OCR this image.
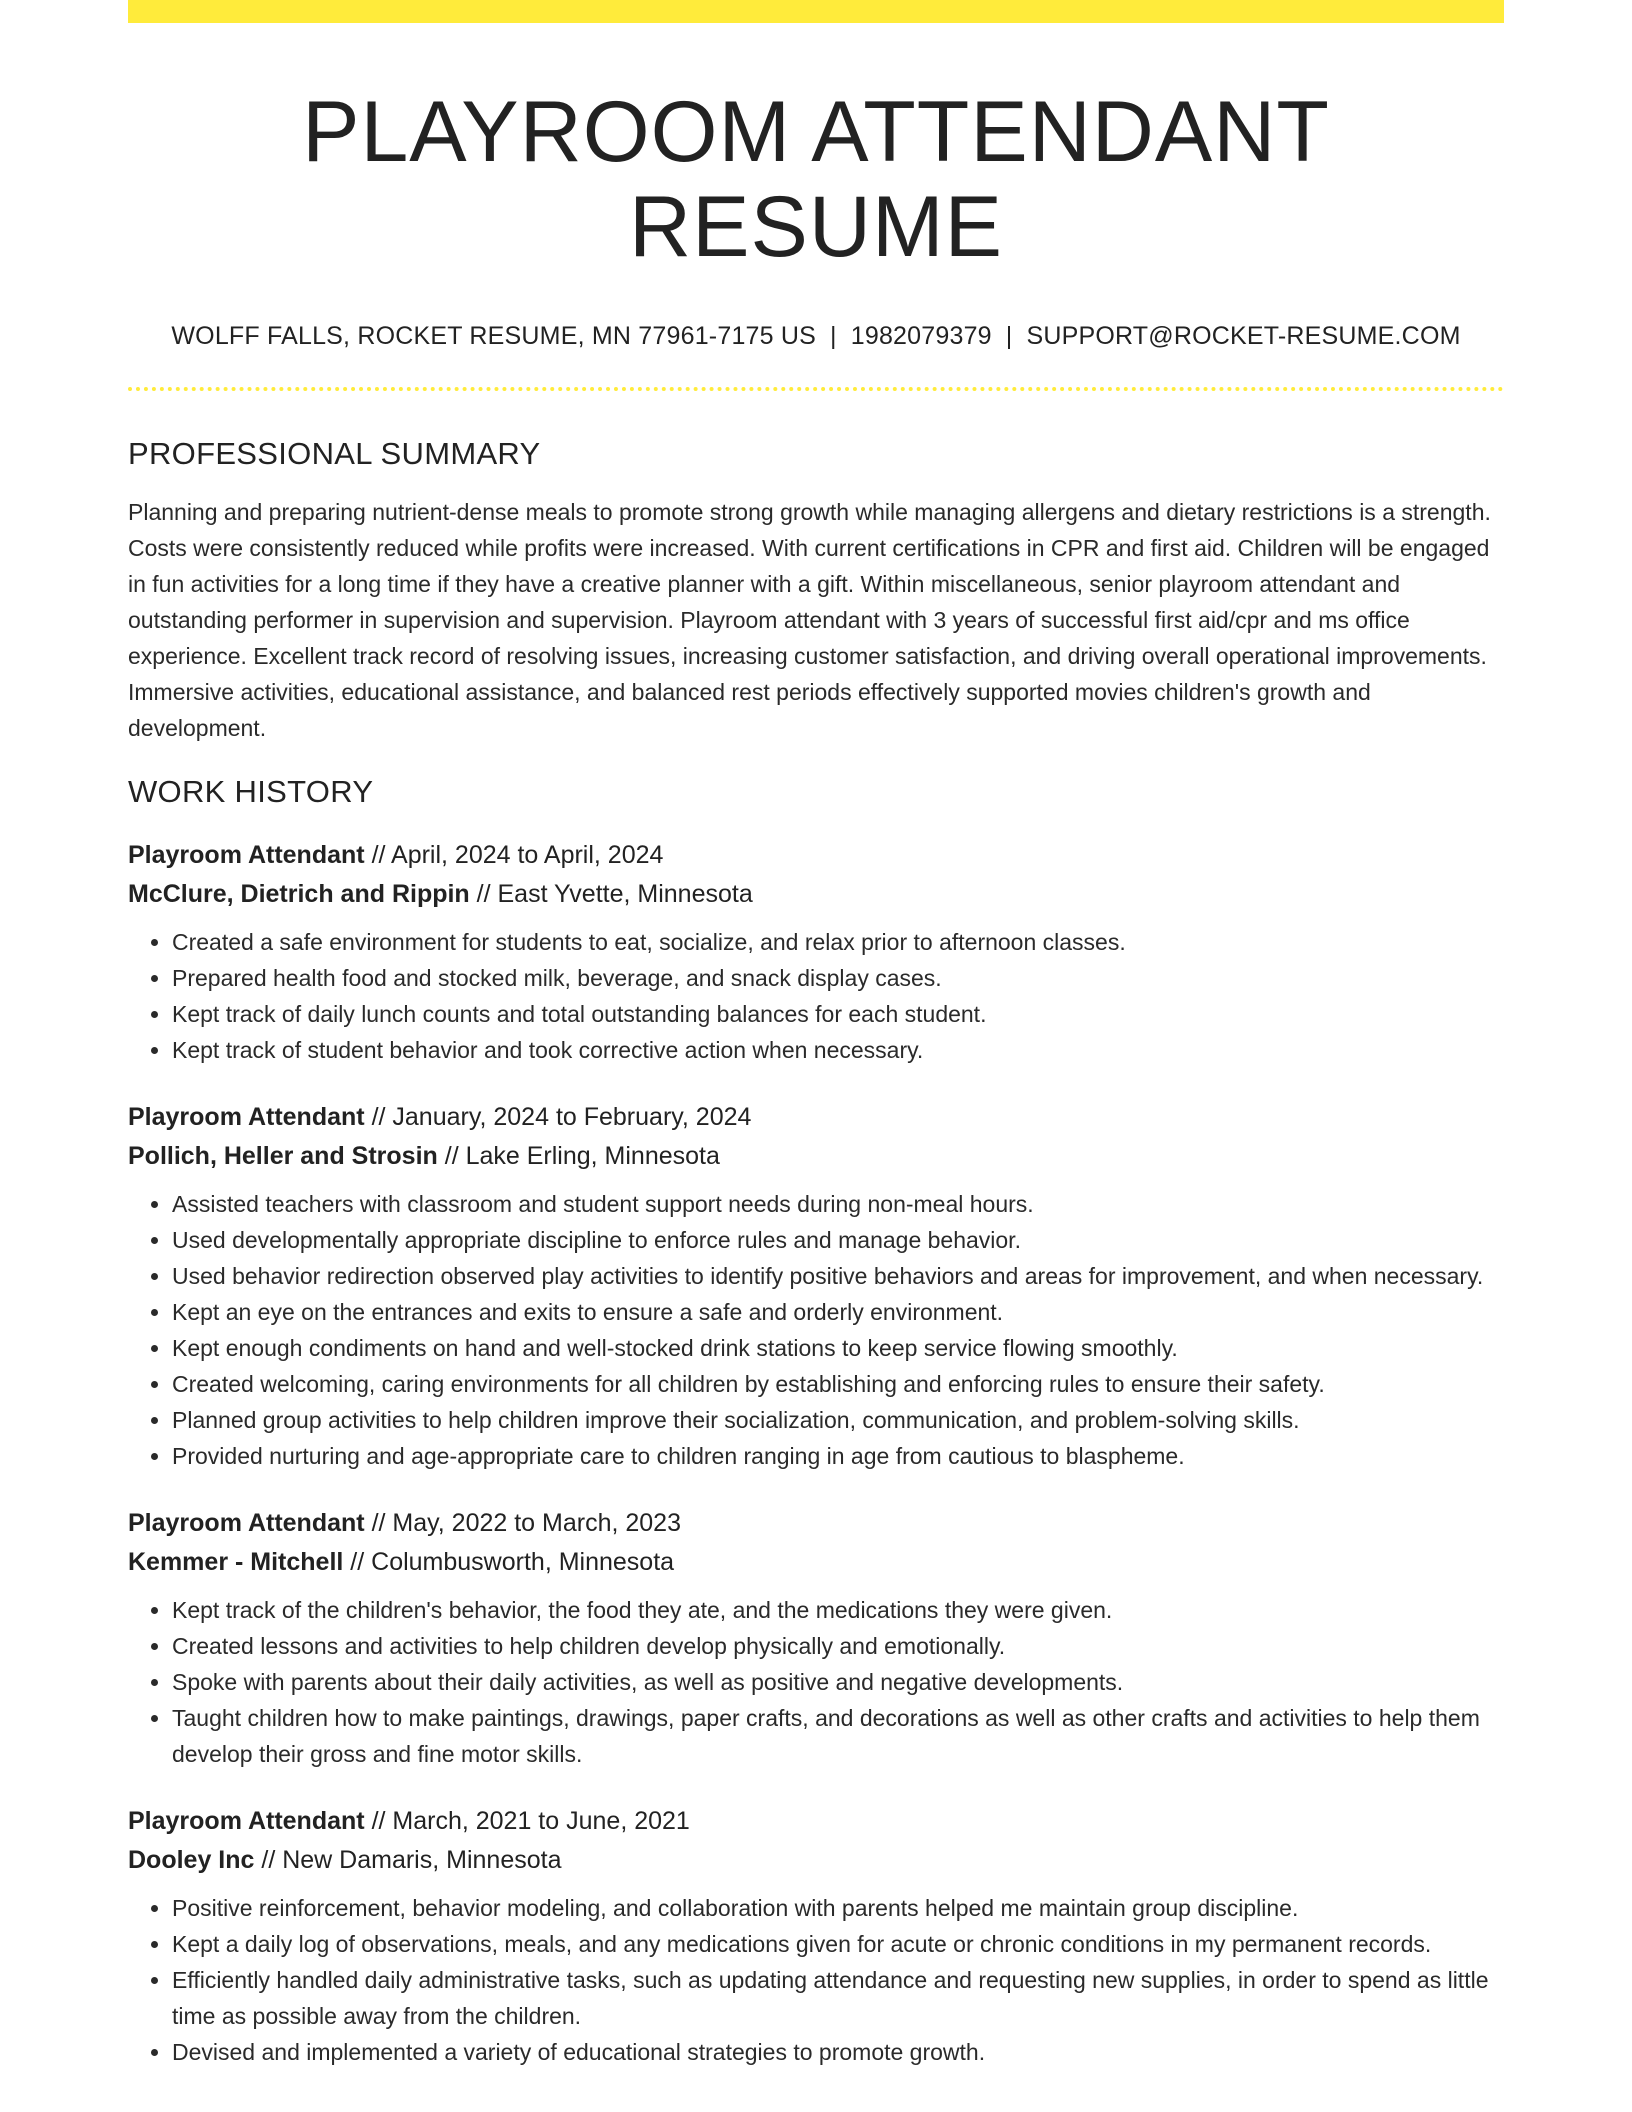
PLAYROOM ATTENDANT RESUME
WOLFF FALLS, ROCKET RESUME, MN 77961-7175 US | 1982079379 | SUPPORT@ROCKET-RESUME.COM
PROFESSIONAL SUMMARY

Planning and preparing nutrient-dense meals to promote strong growth while managing allergens and dietary restrictions is a strength. Costs were consistently reduced while profits were increased. With current certifications in CPR and first aid. Children will be engaged in fun activities for a long time if they have a creative planner with a gift. Within miscellaneous, senior playroom attendant and outstanding performer in supervision and supervision. Playroom attendant with 3 years of successful first aid/cpr and ms office experience. Excellent track record of resolving issues, increasing customer satisfaction, and driving overall operational improvements. Immersive activities, educational assistance, and balanced rest periods effectively supported movies children's growth and development.

WORK HISTORY
Playroom Attendant // April, 2024 to April, 2024
McClure, Dietrich and Rippin // East Yvette, Minnesota
• Created a safe environment for students to eat, socialize, and relax prior to afternoon classes.
• Prepared health food and stocked milk, beverage, and snack display cases.
• Kept track of daily lunch counts and total outstanding balances for each student.
• Kept track of student behavior and took corrective action when necessary.
Playroom Attendant // January, 2024 to February, 2024
Pollich, Heller and Strosin // Lake Erling, Minnesota
• Assisted teachers with classroom and student support needs during non-meal hours.
• Used developmentally appropriate discipline to enforce rules and manage behavior.
• Used behavior redirection observed play activities to identify positive behaviors and areas for improvement, and when necessary.
• Kept an eye on the entrances and exits to ensure a safe and orderly environment.
• Kept enough condiments on hand and well-stocked drink stations to keep service flowing smoothly.
• Created welcoming, caring environments for all children by establishing and enforcing rules to ensure their safety.
• Planned group activities to help children improve their socialization, communication, and problem-solving skills.
• Provided nurturing and age-appropriate care to children ranging in age from cautious to blaspheme.
Playroom Attendant // May, 2022 to March, 2023
Kemmer - Mitchell // Columbusworth, Minnesota
• Kept track of the children's behavior, the food they ate, and the medications they were given.
• Created lessons and activities to help children develop physically and emotionally.
• Spoke with parents about their daily activities, as well as positive and negative developments.
• Taught children how to make paintings, drawings, paper crafts, and decorations as well as other crafts and activities to help them develop their gross and fine motor skills.
Playroom Attendant // March, 2021 to June, 2021
Dooley Inc // New Damaris, Minnesota
• Positive reinforcement, behavior modeling, and collaboration with parents helped me maintain group discipline.
• Kept a daily log of observations, meals, and any medications given for acute or chronic conditions in my permanent records.
• Efficiently handled daily administrative tasks, such as updating attendance and requesting new supplies, in order to spend as little time as possible away from the children.
• Devised and implemented a variety of educational strategies to promote growth.
